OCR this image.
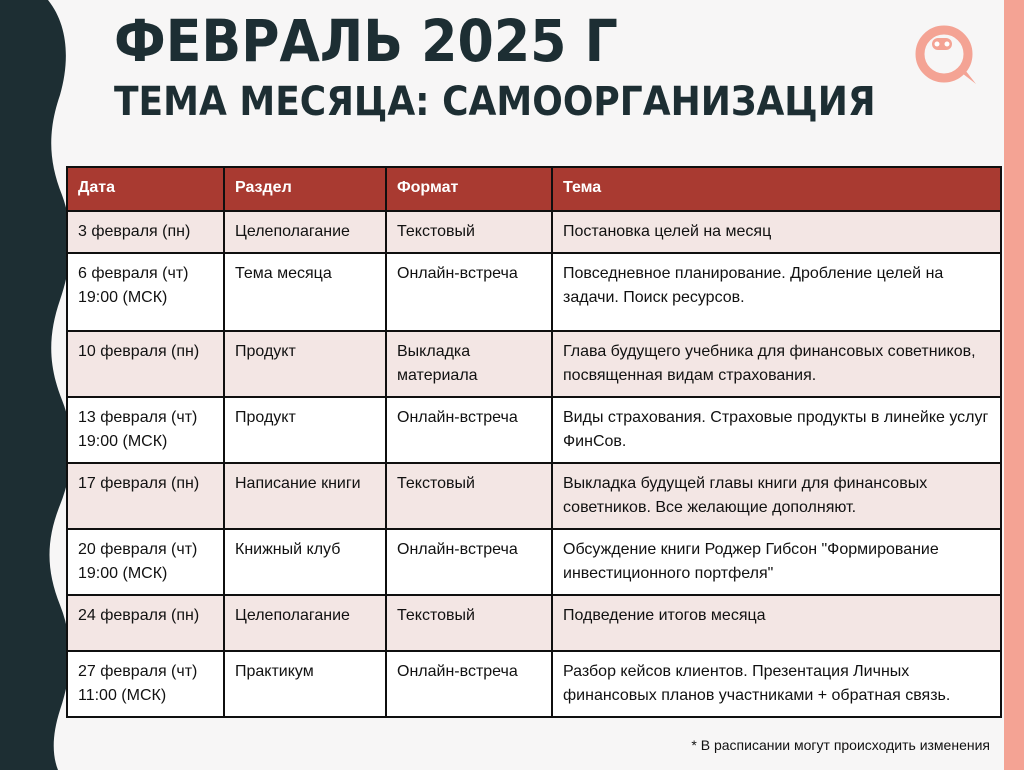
ФЕВРАЛЬ 2025 Г
ТЕМА МЕСЯЦА: САМООРГАНИЗАЦИЯ
Дата	Раздел	Формат	Тема
3 февраля (пн)	Целеполагание	Текстовый	Постановка целей на месяц
6 февраля (чт)
19:00 (МСК)	Тема месяца	Онлайн-встреча	Повседневное планирование. Дробление целей на задачи. Поиск ресурсов.
10 февраля (пн)	Продукт	Выкладка материала	Глава будущего учебника для финансовых советников, посвященная видам страхования.
13 февраля (чт)
19:00 (МСК)	Продукт	Онлайн-встреча	Виды страхования. Страховые продукты в линейке услуг ФинСов.
17 февраля (пн)	Написание книги	Текстовый	Выкладка будущей главы книги для финансовых советников. Все желающие дополняют.
20 февраля (чт)
19:00 (МСК)	Книжный клуб	Онлайн-встреча	Обсуждение книги Роджер Гибсон "Формирование инвестиционного портфеля"
24 февраля (пн)	Целеполагание	Текстовый	Подведение итогов месяца
27 февраля (чт)
11:00 (МСК)	Практикум	Онлайн-встреча	Разбор кейсов клиентов. Презентация Личных финансовых планов участниками + обратная связь.
* В расписании могут происходить изменения
